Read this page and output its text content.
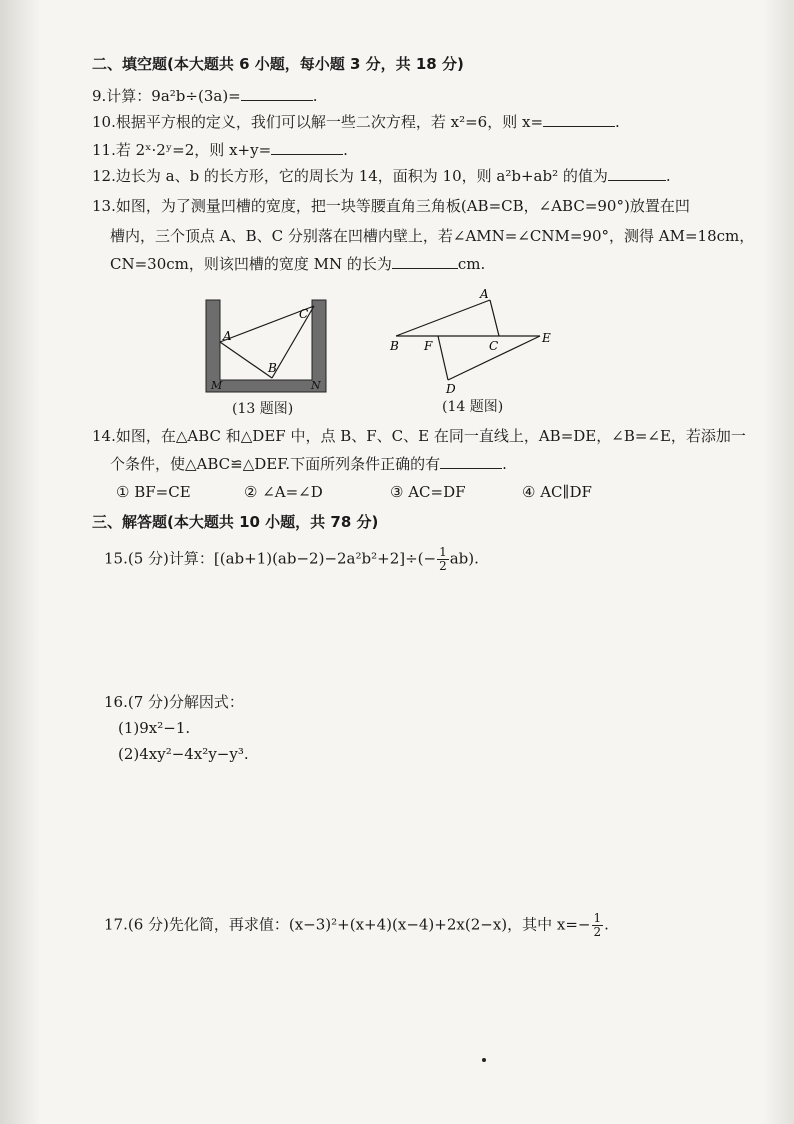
二、填空题(本大题共 6 小题，每小题 3 分，共 18 分)
9.计算：9a²b÷(3a)=	.
10.根据平方根的定义，我们可以解一些二次方程，若 x²=6，则 x=	.
11.若 2ˣ·2ʸ=2，则 x+y=	.
12.边长为 a、b 的长方形，它的周长为 14，面积为 10，则 a²b+ab² 的值为	.
13.如图，为了测量凹槽的宽度，把一块等腰直角三角板(AB=CB，∠ABC=90°)放置在凹
槽内，三个顶点 A、B、C 分别落在凹槽内壁上，若∠AMN=∠CNM=90°，测得 AM=18cm，
CN=30cm，则该凹槽的宽度 MN 的长为	cm.
A
C
B
M	N
(13 题图)
A
B F	C
E
D
(14 题图)
14.如图，在△ABC 和△DEF 中，点 B、F、C、E 在同一直线上，AB=DE，∠B=∠E，若添加一
个条件，使△ABC≌△DEF.下面所列条件正确的有	.
① BF=CE	② ∠A=∠D	③ AC=DF	④ AC∥DF
三、解答题(本大题共 10 小题，共 78 分)
15.(5 分)计算：$[(ab+1)(ab-2)-2a^2b^2+2]\div(- \frac{1}{2} ab)$.
16.(7 分)分解因式：
(1)9x²−1.
(2)4xy²−4x²y−y³.
17.(6 分)先化简，再求值：(x−3)²+(x+4)(x−4)+2x(2−x)，其中 $x=- \frac{1}{2}$ .
